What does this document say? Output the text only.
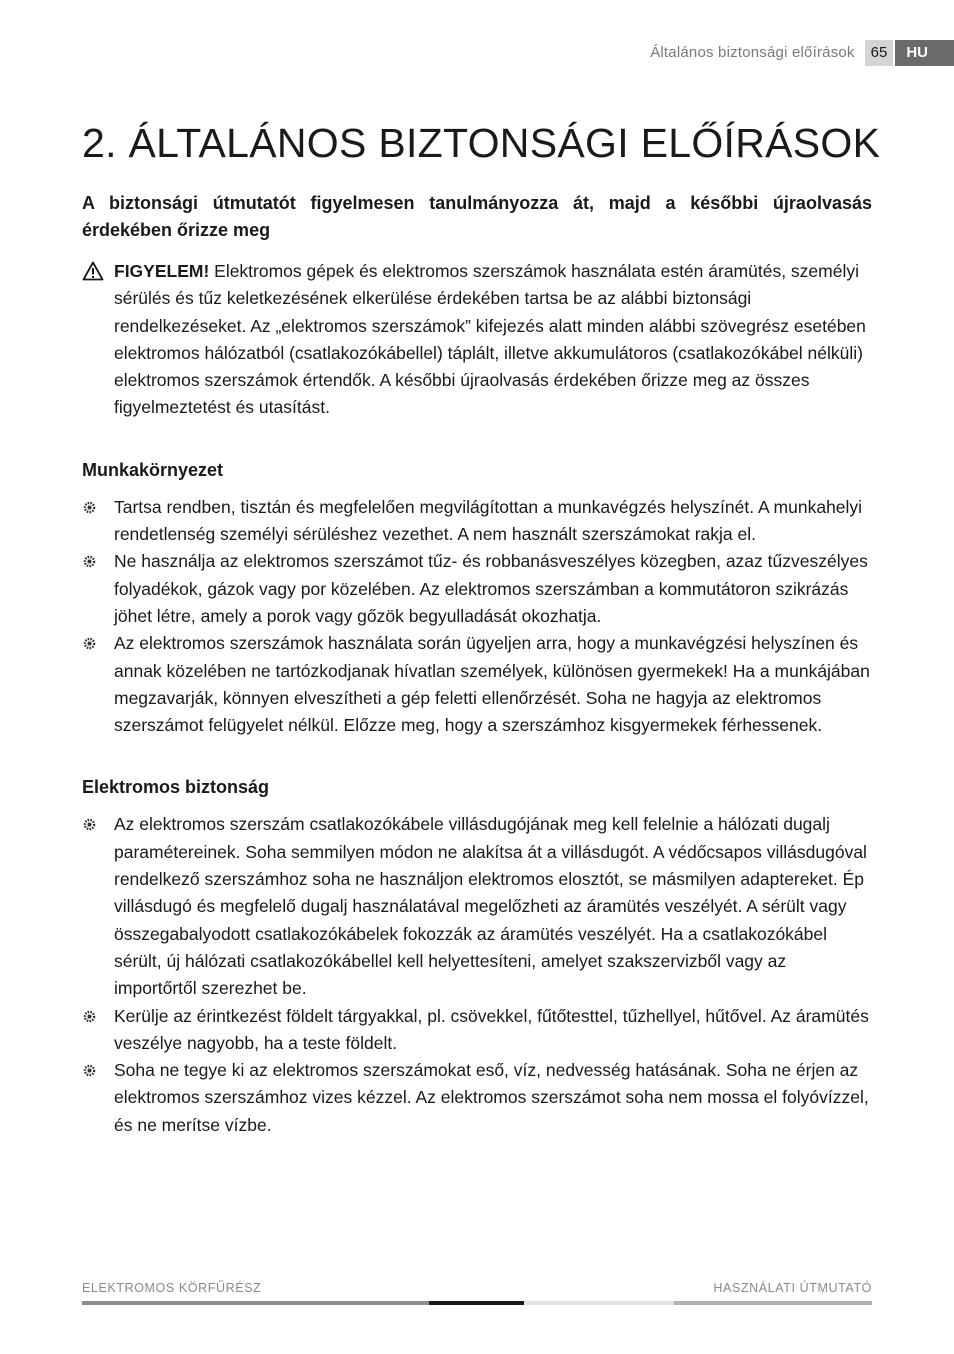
Általános biztonsági előírások	65	HU
2. ÁLTALÁNOS BIZTONSÁGI ELŐÍRÁSOK

A biztonsági útmutatót figyelmesen tanulmányozza át, majd a későbbi újraolvasás érdekében őrizze meg

FIGYELEM! Elektromos gépek és elektromos szerszámok használata estén áramütés, személyi sérülés és tűz keletkezésének elkerülése érdekében tartsa be az alábbi biztonsági rendelkezéseket. Az „elektromos szerszámok” kifejezés alatt minden alábbi szövegrész esetében elektromos hálózatból (csatlakozókábellel) táplált, illetve akkumulátoros (csatlakozókábel nélküli) elektromos szerszámok értendők. A későbbi újraolvasás érdekében őrizze meg az összes figyelmeztetést és utasítást.

Munkakörnyezet
Tartsa rendben, tisztán és megfelelően megvilágítottan a munkavégzés helyszínét. A munkahelyi rendetlenség személyi sérüléshez vezethet. A nem használt szerszámokat rakja el.
Ne használja az elektromos szerszámot tűz- és robbanásveszélyes közegben, azaz tűzveszélyes folyadékok, gázok vagy por közelében. Az elektromos szerszámban a kommutátoron szikrázás jöhet létre, amely a porok vagy gőzök begyulladását okozhatja.
Az elektromos szerszámok használata során ügyeljen arra, hogy a munkavégzési helyszínen és annak közelében ne tartózkodjanak hívatlan személyek, különösen gyermekek! Ha a munkájában megzavarják, könnyen elveszítheti a gép feletti ellenőrzését. Soha ne hagyja az elektromos szerszámot felügyelet nélkül. Előzze meg, hogy a szerszámhoz kisgyermekek férhessenek.
Elektromos biztonság
Az elektromos szerszám csatlakozókábele villásdugójának meg kell felelnie a hálózati dugalj paramétereinek. Soha semmilyen módon ne alakítsa át a villásdugót. A védőcsapos villásdugóval rendelkező szerszámhoz soha ne használjon elektromos elosztót, se másmilyen adaptereket. Ép villásdugó és megfelelő dugalj használatával megelőzheti az áramütés veszélyét. A sérült vagy összegabalyodott csatlakozókábelek fokozzák az áramütés veszélyét. Ha a csatlakozókábel sérült, új hálózati csatlakozókábellel kell helyettesíteni, amelyet szakszervizből vagy az importőrtől szerezhet be.
Kerülje az érintkezést földelt tárgyakkal, pl. csövekkel, fűtőtesttel, tűzhellyel, hűtővel. Az áramütés veszélye nagyobb, ha a teste földelt.
Soha ne tegye ki az elektromos szerszámokat eső, víz, nedvesség hatásának. Soha ne érjen az elektromos szerszámhoz vizes kézzel. Az elektromos szerszámot soha nem mossa el folyóvízzel, és ne merítse vízbe.
ELEKTROMOS KÖRFŰRÉSZ	HASZNÁLATI ÚTMUTATÓ
